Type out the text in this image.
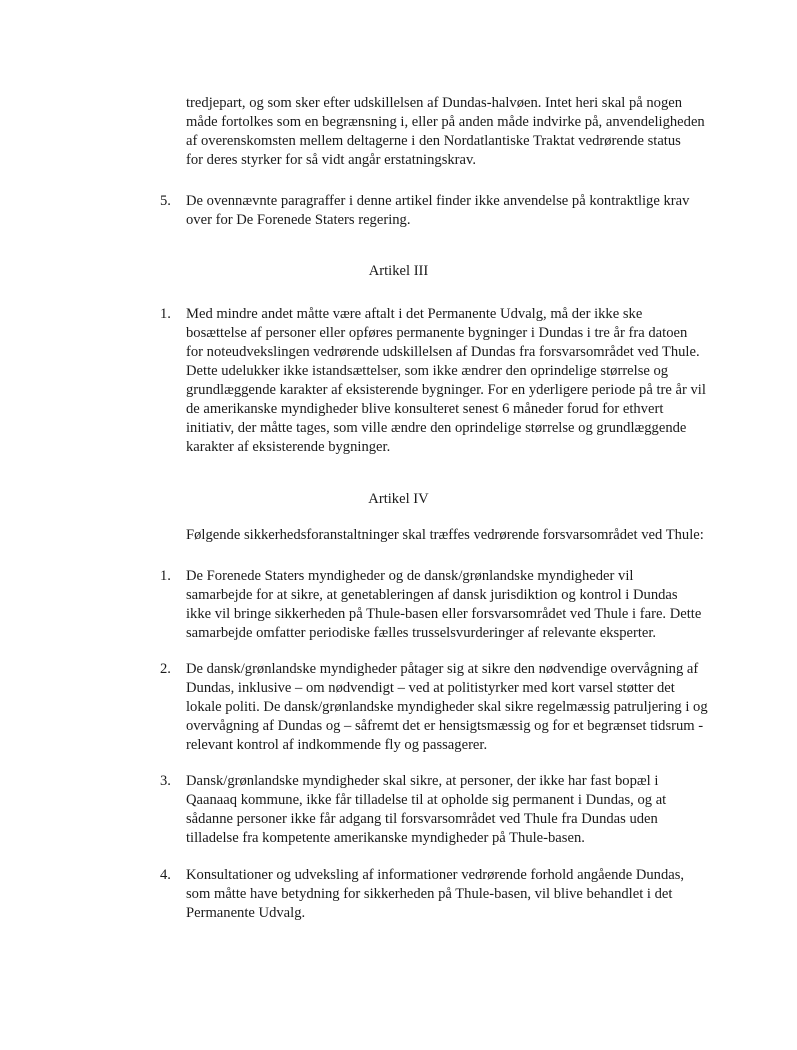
tredjepart, og som sker efter udskillelsen af Dundas-halvøen. Intet heri skal på nogen
måde fortolkes som en begrænsning i, eller på anden måde indvirke på, anvendeligheden
af overenskomsten mellem deltagerne i den Nordatlantiske Traktat vedrørende status
for deres styrker for så vidt angår erstatningskrav.
5.	De ovennævnte paragraffer i denne artikel finder ikke anvendelse på kontraktlige krav
over for De Forenede Staters regering.

Artikel III

1.	Med mindre andet måtte være aftalt i det Permanente Udvalg, må der ikke ske
bosættelse af personer eller opføres permanente bygninger i Dundas i tre år fra datoen
for noteudvekslingen vedrørende udskillelsen af Dundas fra forsvarsområdet ved Thule.
Dette udelukker ikke istandsættelser, som ikke ændrer den oprindelige størrelse og
grundlæggende karakter af eksisterende bygninger. For en yderligere periode på tre år vil
de amerikanske myndigheder blive konsulteret senest 6 måneder forud for ethvert
initiativ, der måtte tages, som ville ændre den oprindelige størrelse og grundlæggende
karakter af eksisterende bygninger.

Artikel IV

Følgende sikkerhedsforanstaltninger skal træffes vedrørende forsvarsområdet ved Thule:
1.	De Forenede Staters myndigheder og de dansk/grønlandske myndigheder vil
samarbejde for at sikre, at genetableringen af dansk jurisdiktion og kontrol i Dundas
ikke vil bringe sikkerheden på Thule-basen eller forsvarsområdet ved Thule i fare. Dette
samarbejde omfatter periodiske fælles trusselsvurderinger af relevante eksperter.
2.	De dansk/grønlandske myndigheder påtager sig at sikre den nødvendige overvågning af
Dundas, inklusive – om nødvendigt – ved at politistyrker med kort varsel støtter det
lokale politi. De dansk/grønlandske myndigheder skal sikre regelmæssig patruljering i og
overvågning af Dundas og – såfremt det er hensigtsmæssig og for et begrænset tidsrum -
relevant kontrol af indkommende fly og passagerer.
3.	Dansk/grønlandske myndigheder skal sikre, at personer, der ikke har fast bopæl i
Qaanaaq kommune, ikke får tilladelse til at opholde sig permanent i Dundas, og at
sådanne personer ikke får adgang til forsvarsområdet ved Thule fra Dundas uden
tilladelse fra kompetente amerikanske myndigheder på Thule-basen.
4.	Konsultationer og udveksling af informationer vedrørende forhold angående Dundas,
som måtte have betydning for sikkerheden på Thule-basen, vil blive behandlet i det
Permanente Udvalg.
